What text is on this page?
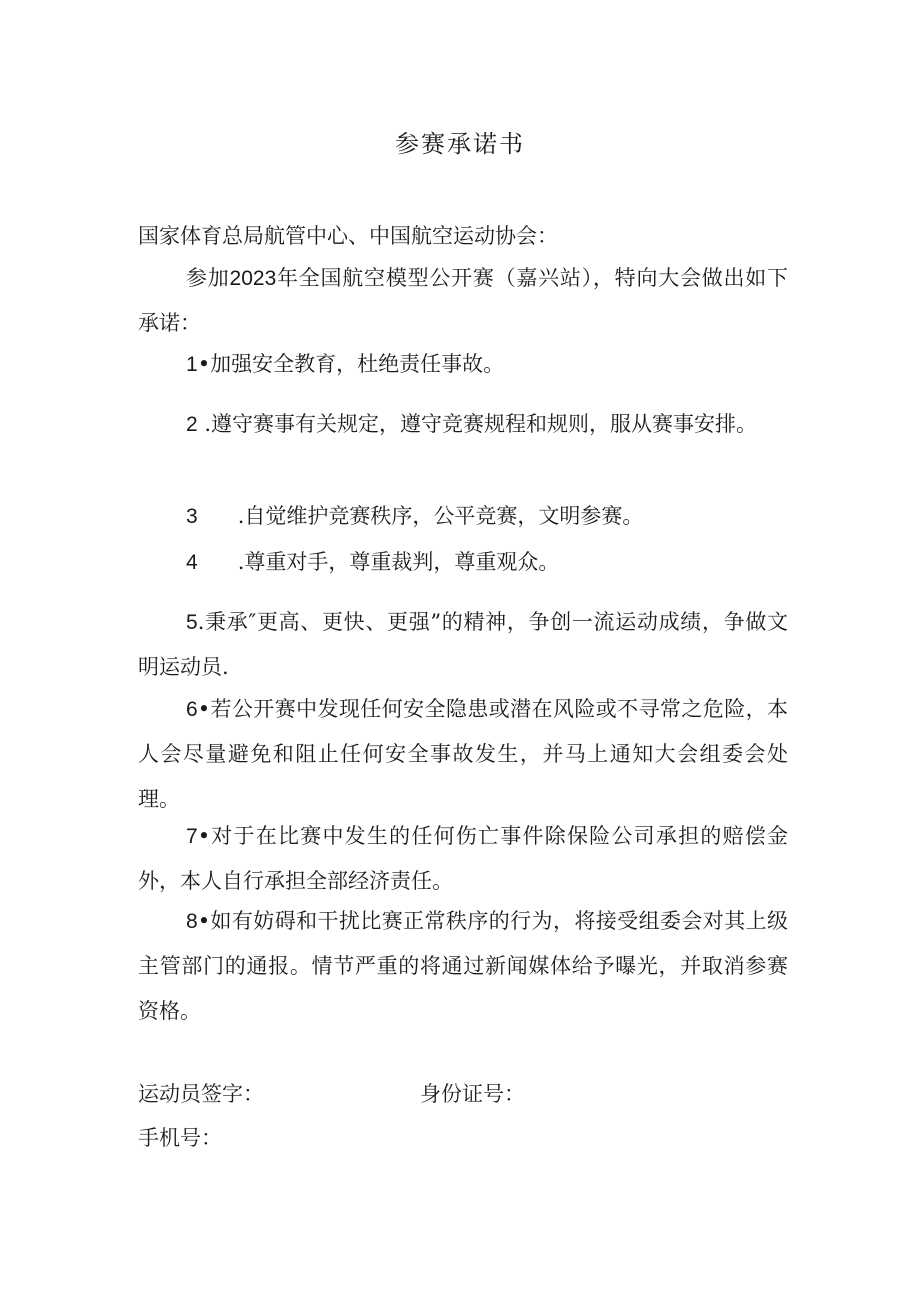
参赛承诺书
国家体育总局航管中心、中国航空运动协会：
参加2023年全国航空模型公开赛（嘉兴站），特向大会做出如下承诺：
1•加强安全教育，杜绝责任事故。
2 .遵守赛事有关规定，遵守竞赛规程和规则，服从赛事安排。
3      .自觉维护竞赛秩序，公平竞赛，文明参赛。
4      .尊重对手，尊重裁判，尊重观众。
5.秉承″更高、更快、更强”的精神，争创一流运动成绩，争做文明运动员.
6•若公开赛中发现任何安全隐患或潜在风险或不寻常之危险，本人会尽量避免和阻止任何安全事故发生，并马上通知大会组委会处理。
7•对于在比赛中发生的任何伤亡事件除保险公司承担的赔偿金外，本人自行承担全部经济责任。
8•如有妨碍和干扰比赛正常秩序的行为，将接受组委会对其上级主管部门的通报。情节严重的将通过新闻媒体给予曝光，并取消参赛资格。
运动员签字：	身份证号：
手机号：
